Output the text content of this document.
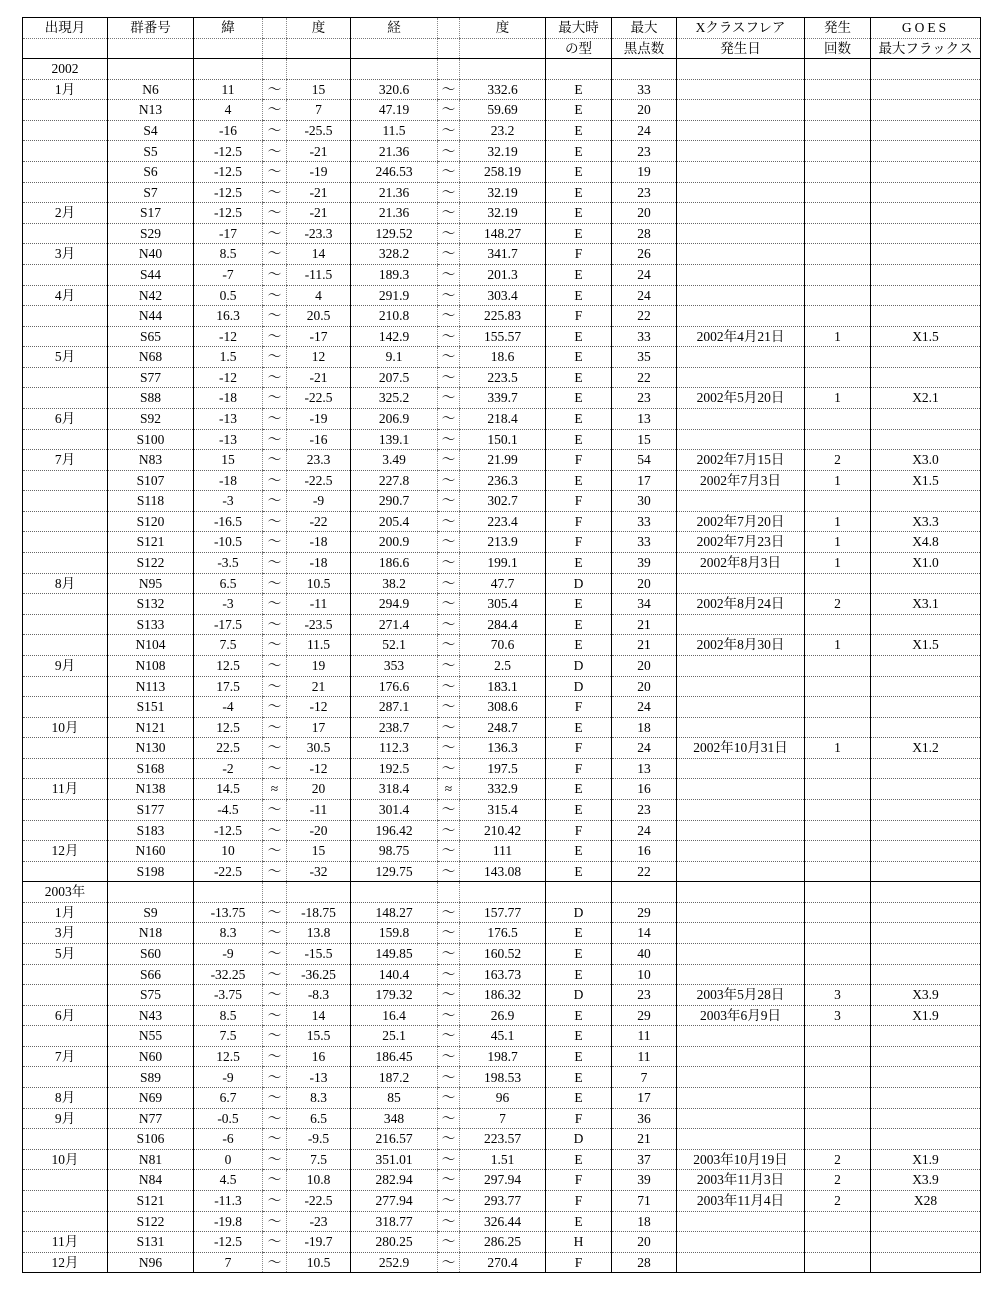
出現月	群番号	緯		度	経		度	最大時	最大	Xクラスフレア	発生	GOES
								の型	黒点数	発生日	回数	最大フラックス
2002												
1月	N6	11	～	15	320.6	～	332.6	E	33			
	N13	4	～	7	47.19	～	59.69	E	20			
	S4	-16	～	-25.5	11.5	～	23.2	E	24			
	S5	-12.5	～	-21	21.36	～	32.19	E	23			
	S6	-12.5	～	-19	246.53	～	258.19	E	19			
	S7	-12.5	～	-21	21.36	～	32.19	E	23			
2月	S17	-12.5	～	-21	21.36	～	32.19	E	20			
	S29	-17	～	-23.3	129.52	～	148.27	E	28			
3月	N40	8.5	～	14	328.2	～	341.7	F	26			
	S44	-7	～	-11.5	189.3	～	201.3	E	24			
4月	N42	0.5	～	4	291.9	～	303.4	E	24			
	N44	16.3	～	20.5	210.8	～	225.83	F	22			
	S65	-12	～	-17	142.9	～	155.57	E	33	2002年4月21日	1	X1.5
5月	N68	1.5	～	12	9.1	～	18.6	E	35			
	S77	-12	～	-21	207.5	～	223.5	E	22			
	S88	-18	～	-22.5	325.2	～	339.7	E	23	2002年5月20日	1	X2.1
6月	S92	-13	～	-19	206.9	～	218.4	E	13			
	S100	-13	～	-16	139.1	～	150.1	E	15			
7月	N83	15	～	23.3	3.49	～	21.99	F	54	2002年7月15日	2	X3.0
	S107	-18	～	-22.5	227.8	～	236.3	E	17	2002年7月3日	1	X1.5
	S118	-3	～	-9	290.7	～	302.7	F	30			
	S120	-16.5	～	-22	205.4	～	223.4	F	33	2002年7月20日	1	X3.3
	S121	-10.5	～	-18	200.9	～	213.9	F	33	2002年7月23日	1	X4.8
	S122	-3.5	～	-18	186.6	～	199.1	E	39	2002年8月3日	1	X1.0
8月	N95	6.5	～	10.5	38.2	～	47.7	D	20			
	S132	-3	～	-11	294.9	～	305.4	E	34	2002年8月24日	2	X3.1
	S133	-17.5	～	-23.5	271.4	～	284.4	E	21			
	N104	7.5	～	11.5	52.1	～	70.6	E	21	2002年8月30日	1	X1.5
9月	N108	12.5	～	19	353	～	2.5	D	20			
	N113	17.5	～	21	176.6	～	183.1	D	20			
	S151	-4	～	-12	287.1	～	308.6	F	24			
10月	N121	12.5	～	17	238.7	～	248.7	E	18			
	N130	22.5	～	30.5	112.3	～	136.3	F	24	2002年10月31日	1	X1.2
	S168	-2	～	-12	192.5	～	197.5	F	13			
11月	N138	14.5	≈	20	318.4	≈	332.9	E	16			
	S177	-4.5	～	-11	301.4	～	315.4	E	23			
	S183	-12.5	～	-20	196.42	～	210.42	F	24			
12月	N160	10	～	15	98.75	～	111	E	16			
	S198	-22.5	～	-32	129.75	～	143.08	E	22			
2003年												
1月	S9	-13.75	～	-18.75	148.27	～	157.77	D	29			
3月	N18	8.3	～	13.8	159.8	～	176.5	E	14			
5月	S60	-9	～	-15.5	149.85	～	160.52	E	40			
	S66	-32.25	～	-36.25	140.4	～	163.73	E	10			
	S75	-3.75	～	-8.3	179.32	～	186.32	D	23	2003年5月28日	3	X3.9
6月	N43	8.5	～	14	16.4	～	26.9	E	29	2003年6月9日	3	X1.9
	N55	7.5	～	15.5	25.1	～	45.1	E	11			
7月	N60	12.5	～	16	186.45	～	198.7	E	11			
	S89	-9	～	-13	187.2	～	198.53	E	7			
8月	N69	6.7	～	8.3	85	～	96	E	17			
9月	N77	-0.5	～	6.5	348	～	7	F	36			
	S106	-6	～	-9.5	216.57	～	223.57	D	21			
10月	N81	0	～	7.5	351.01	～	1.51	E	37	2003年10月19日	2	X1.9
	N84	4.5	～	10.8	282.94	～	297.94	F	39	2003年11月3日	2	X3.9
	S121	-11.3	～	-22.5	277.94	～	293.77	F	71	2003年11月4日	2	X28
	S122	-19.8	～	-23	318.77	～	326.44	E	18			
11月	S131	-12.5	～	-19.7	280.25	～	286.25	H	20			
12月	N96	7	～	10.5	252.9	～	270.4	F	28			
